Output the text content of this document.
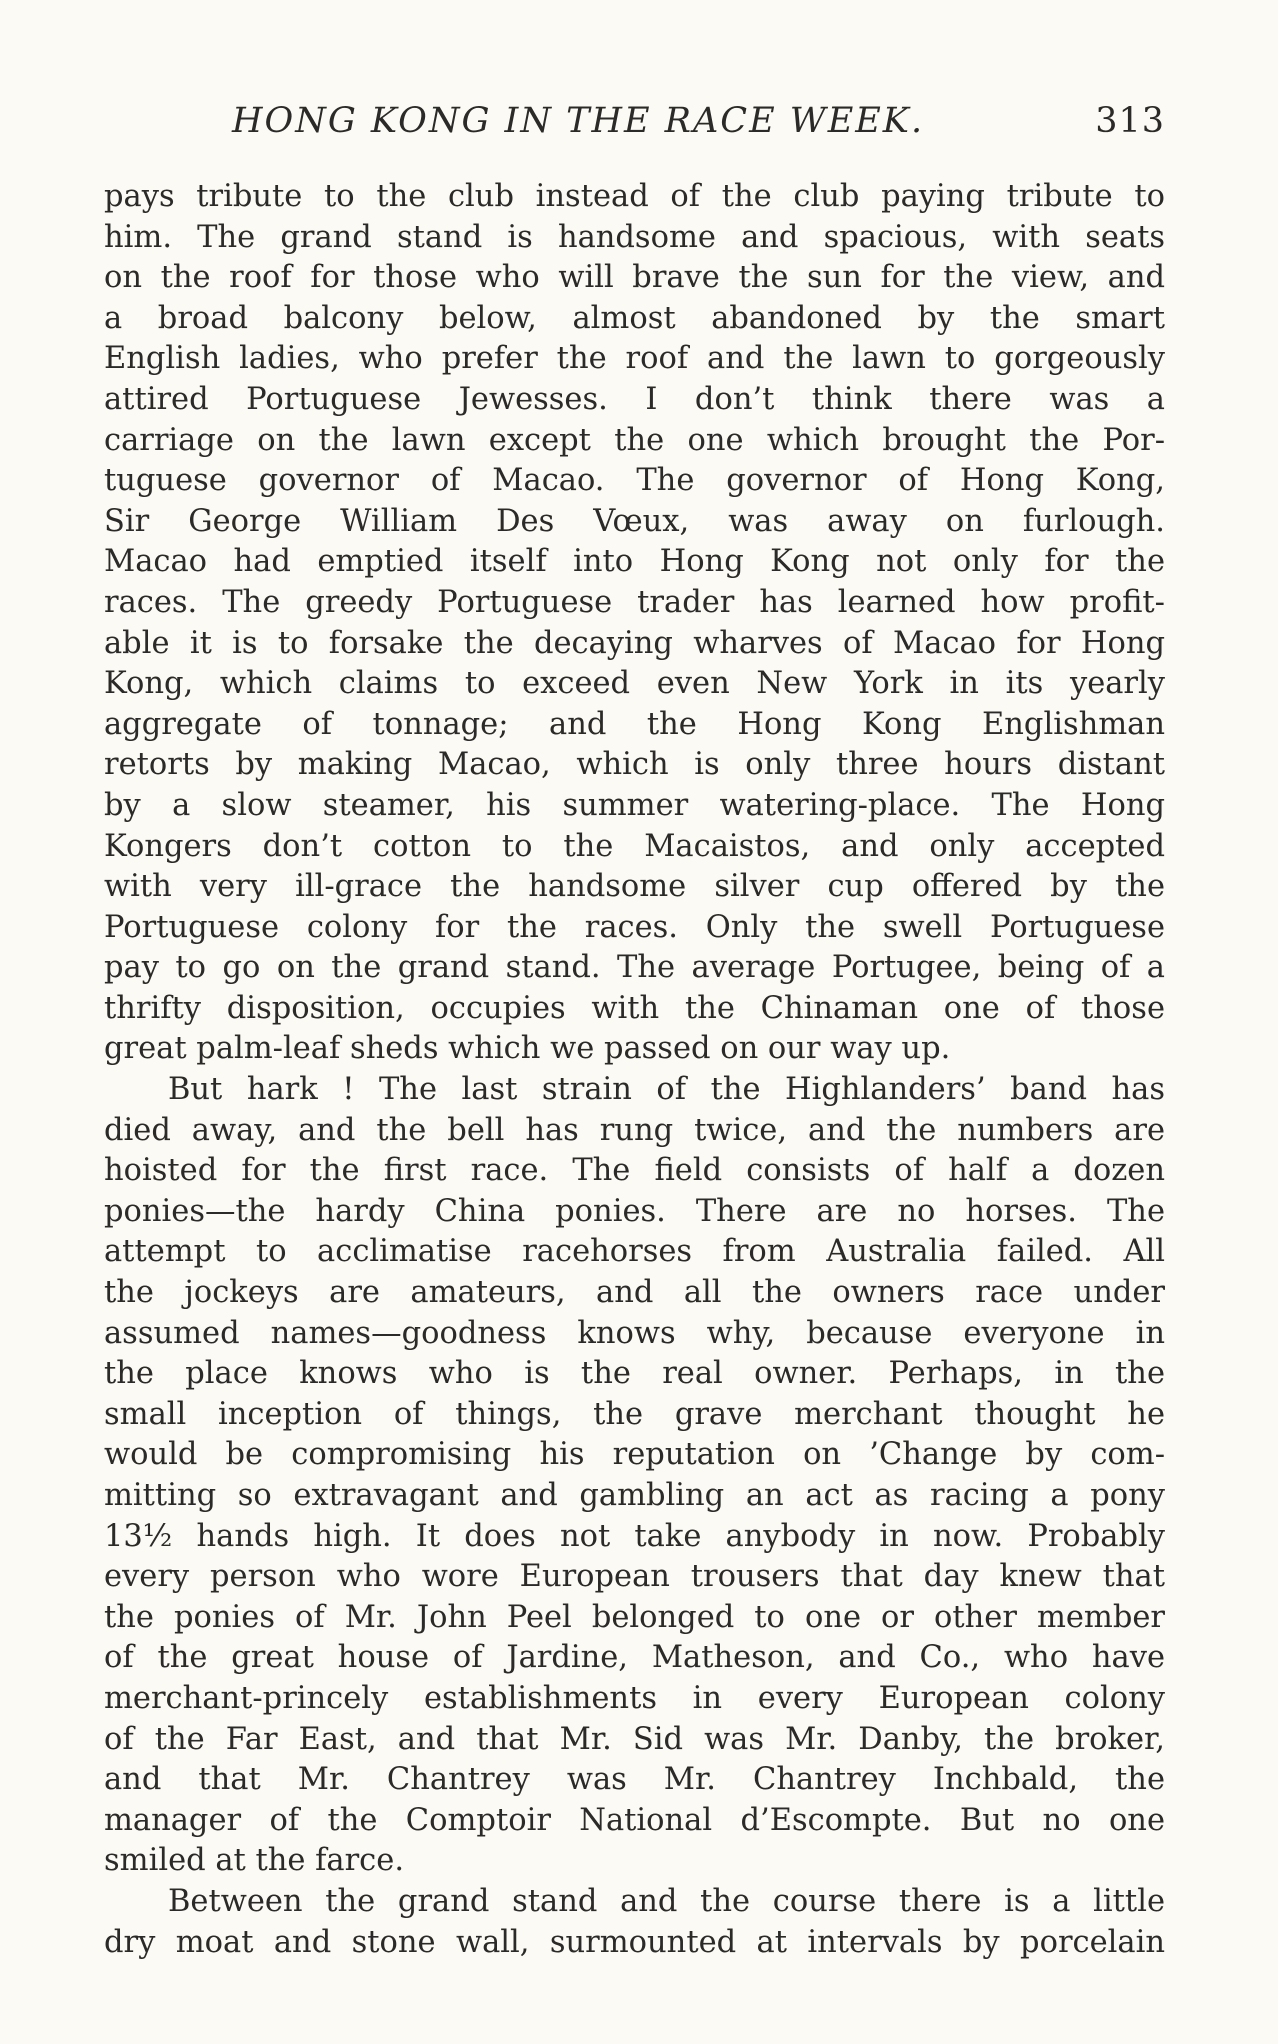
HONG KONG IN THE RACE WEEK.	313
pays tribute to the club instead of the club paying tribute to
him. The grand stand is handsome and spacious, with seats
on the roof for those who will brave the sun for the view, and
a broad balcony below, almost abandoned by the smart
English ladies, who prefer the roof and the lawn to gorgeously
attired Portuguese Jewesses. I don’t think there was a
carriage on the lawn except the one which brought the Por-
tuguese governor of Macao. The governor of Hong Kong,
Sir George William Des Vœux, was away on furlough.
Macao had emptied itself into Hong Kong not only for the
races. The greedy Portuguese trader has learned how profit-
able it is to forsake the decaying wharves of Macao for Hong
Kong, which claims to exceed even New York in its yearly
aggregate of tonnage; and the Hong Kong Englishman
retorts by making Macao, which is only three hours distant
by a slow steamer, his summer watering-place. The Hong
Kongers don’t cotton to the Macaistos, and only accepted
with very ill-grace the handsome silver cup offered by the
Portuguese colony for the races. Only the swell Portuguese
pay to go on the grand stand. The average Portugee, being of a
thrifty disposition, occupies with the Chinaman one of those
great palm-leaf sheds which we passed on our way up.
But hark ! The last strain of the Highlanders’ band has
died away, and the bell has rung twice, and the numbers are
hoisted for the first race. The field consists of half a dozen
ponies—the hardy China ponies. There are no horses. The
attempt to acclimatise racehorses from Australia failed. All
the jockeys are amateurs, and all the owners race under
assumed names—goodness knows why, because everyone in
the place knows who is the real owner. Perhaps, in the
small inception of things, the grave merchant thought he
would be compromising his reputation on ’Change by com-
mitting so extravagant and gambling an act as racing a pony
13½ hands high. It does not take anybody in now. Probably
every person who wore European trousers that day knew that
the ponies of Mr. John Peel belonged to one or other member
of the great house of Jardine, Matheson, and Co., who have
merchant-princely establishments in every European colony
of the Far East, and that Mr. Sid was Mr. Danby, the broker,
and that Mr. Chantrey was Mr. Chantrey Inchbald, the
manager of the Comptoir National d’Escompte. But no one
smiled at the farce.
Between the grand stand and the course there is a little
dry moat and stone wall, surmounted at intervals by porcelain
